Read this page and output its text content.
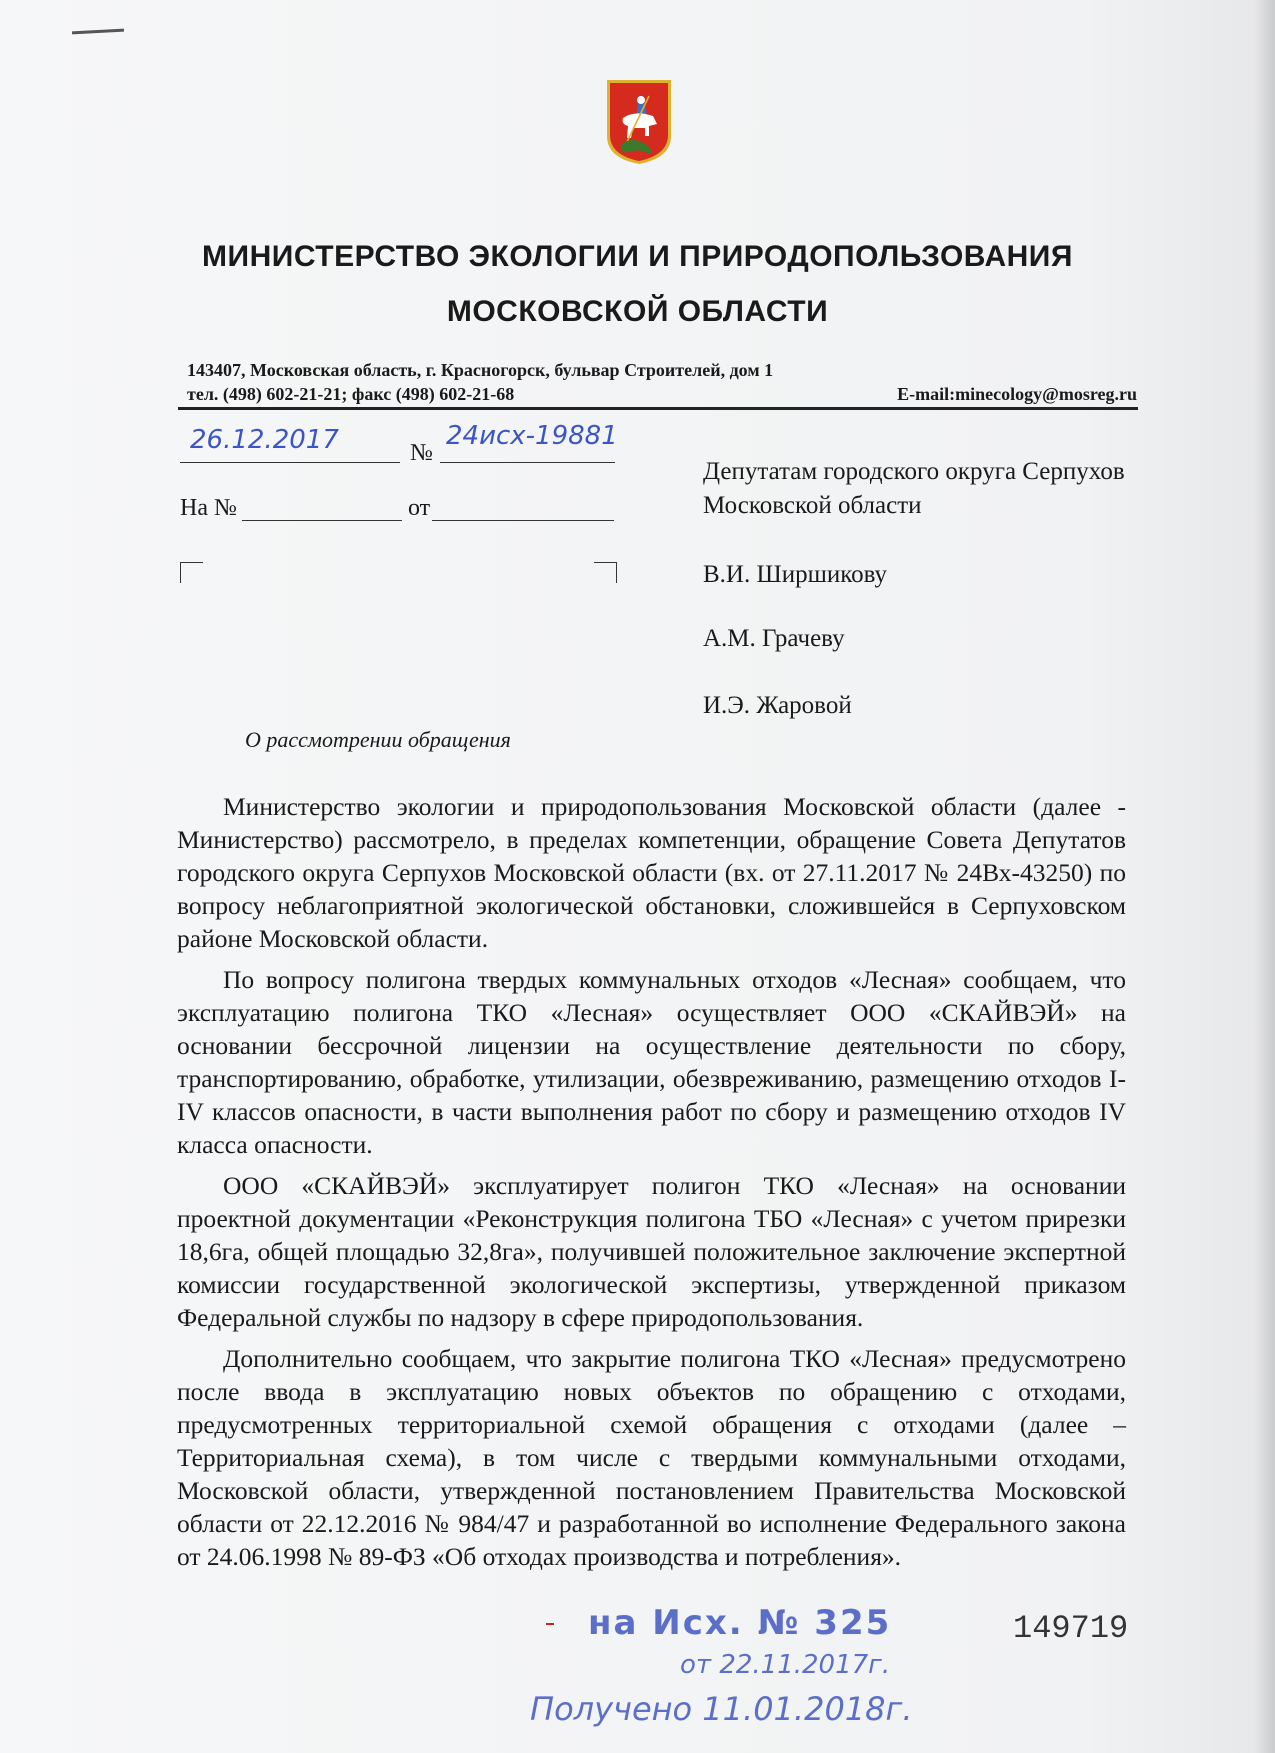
МИНИСТЕРСТВО ЭКОЛОГИИ И ПРИРОДОПОЛЬЗОВАНИЯ
МОСКОВСКОЙ ОБЛАСТИ
143407, Московская область, г. Красногорск, бульвар Строителей, дом 1
тел. (498) 602-21-21; факс (498) 602-21-68	E-mail:minecology@mosreg.ru
26.12.2017	№
24исх-19881
На №	от
Депутатам городского округа Серпухов
Московской области
В.И. Ширшикову
А.М. Грачеву
И.Э. Жаровой
О рассмотрении обращения

Министерство экологии и природопользования Московской области (далее - Министерство) рассмотрело, в пределах компетенции, обращение Совета Депутатов городского округа Серпухов Московской области (вх. от 27.11.2017 № 24Вх-43250) по вопросу неблагоприятной экологической обстановки, сложившейся в Серпуховском районе Московской области.

По вопросу полигона твердых коммунальных отходов «Лесная» сообщаем, что эксплуатацию полигона ТКО «Лесная» осуществляет ООО «СКАЙВЭЙ» на основании бессрочной лицензии на осуществление деятельности по сбору, транспортированию, обработке, утилизации, обезвреживанию, размещению отходов I-IV классов опасности, в части выполнения работ по сбору и размещению отходов IV класса опасности.

ООО «СКАЙВЭЙ» эксплуатирует полигон ТКО «Лесная» на основании проектной документации «Реконструкция полигона ТБО «Лесная» с учетом прирезки 18,6га, общей площадью 32,8га», получившей положительное заключение экспертной комиссии государственной экологической экспертизы, утвержденной приказом Федеральной службы по надзору в сфере природопользования.

Дополнительно сообщаем, что закрытие полигона ТКО «Лесная» предусмотрено после ввода в эксплуатацию новых объектов по обращению с отходами, предусмотренных территориальной схемой обращения с отходами (далее – Территориальная схема), в том числе с твердыми коммунальными отходами, Московской области, утвержденной постановлением Правительства Московской области от 22.12.2016 № 984/47 и разработанной во исполнение Федерального закона от 24.06.1998 № 89-ФЗ «Об отходах производства и потребления».

на Исх. № 325	149719
от 22.11.2017г.
Получено 11.01.2018г.
